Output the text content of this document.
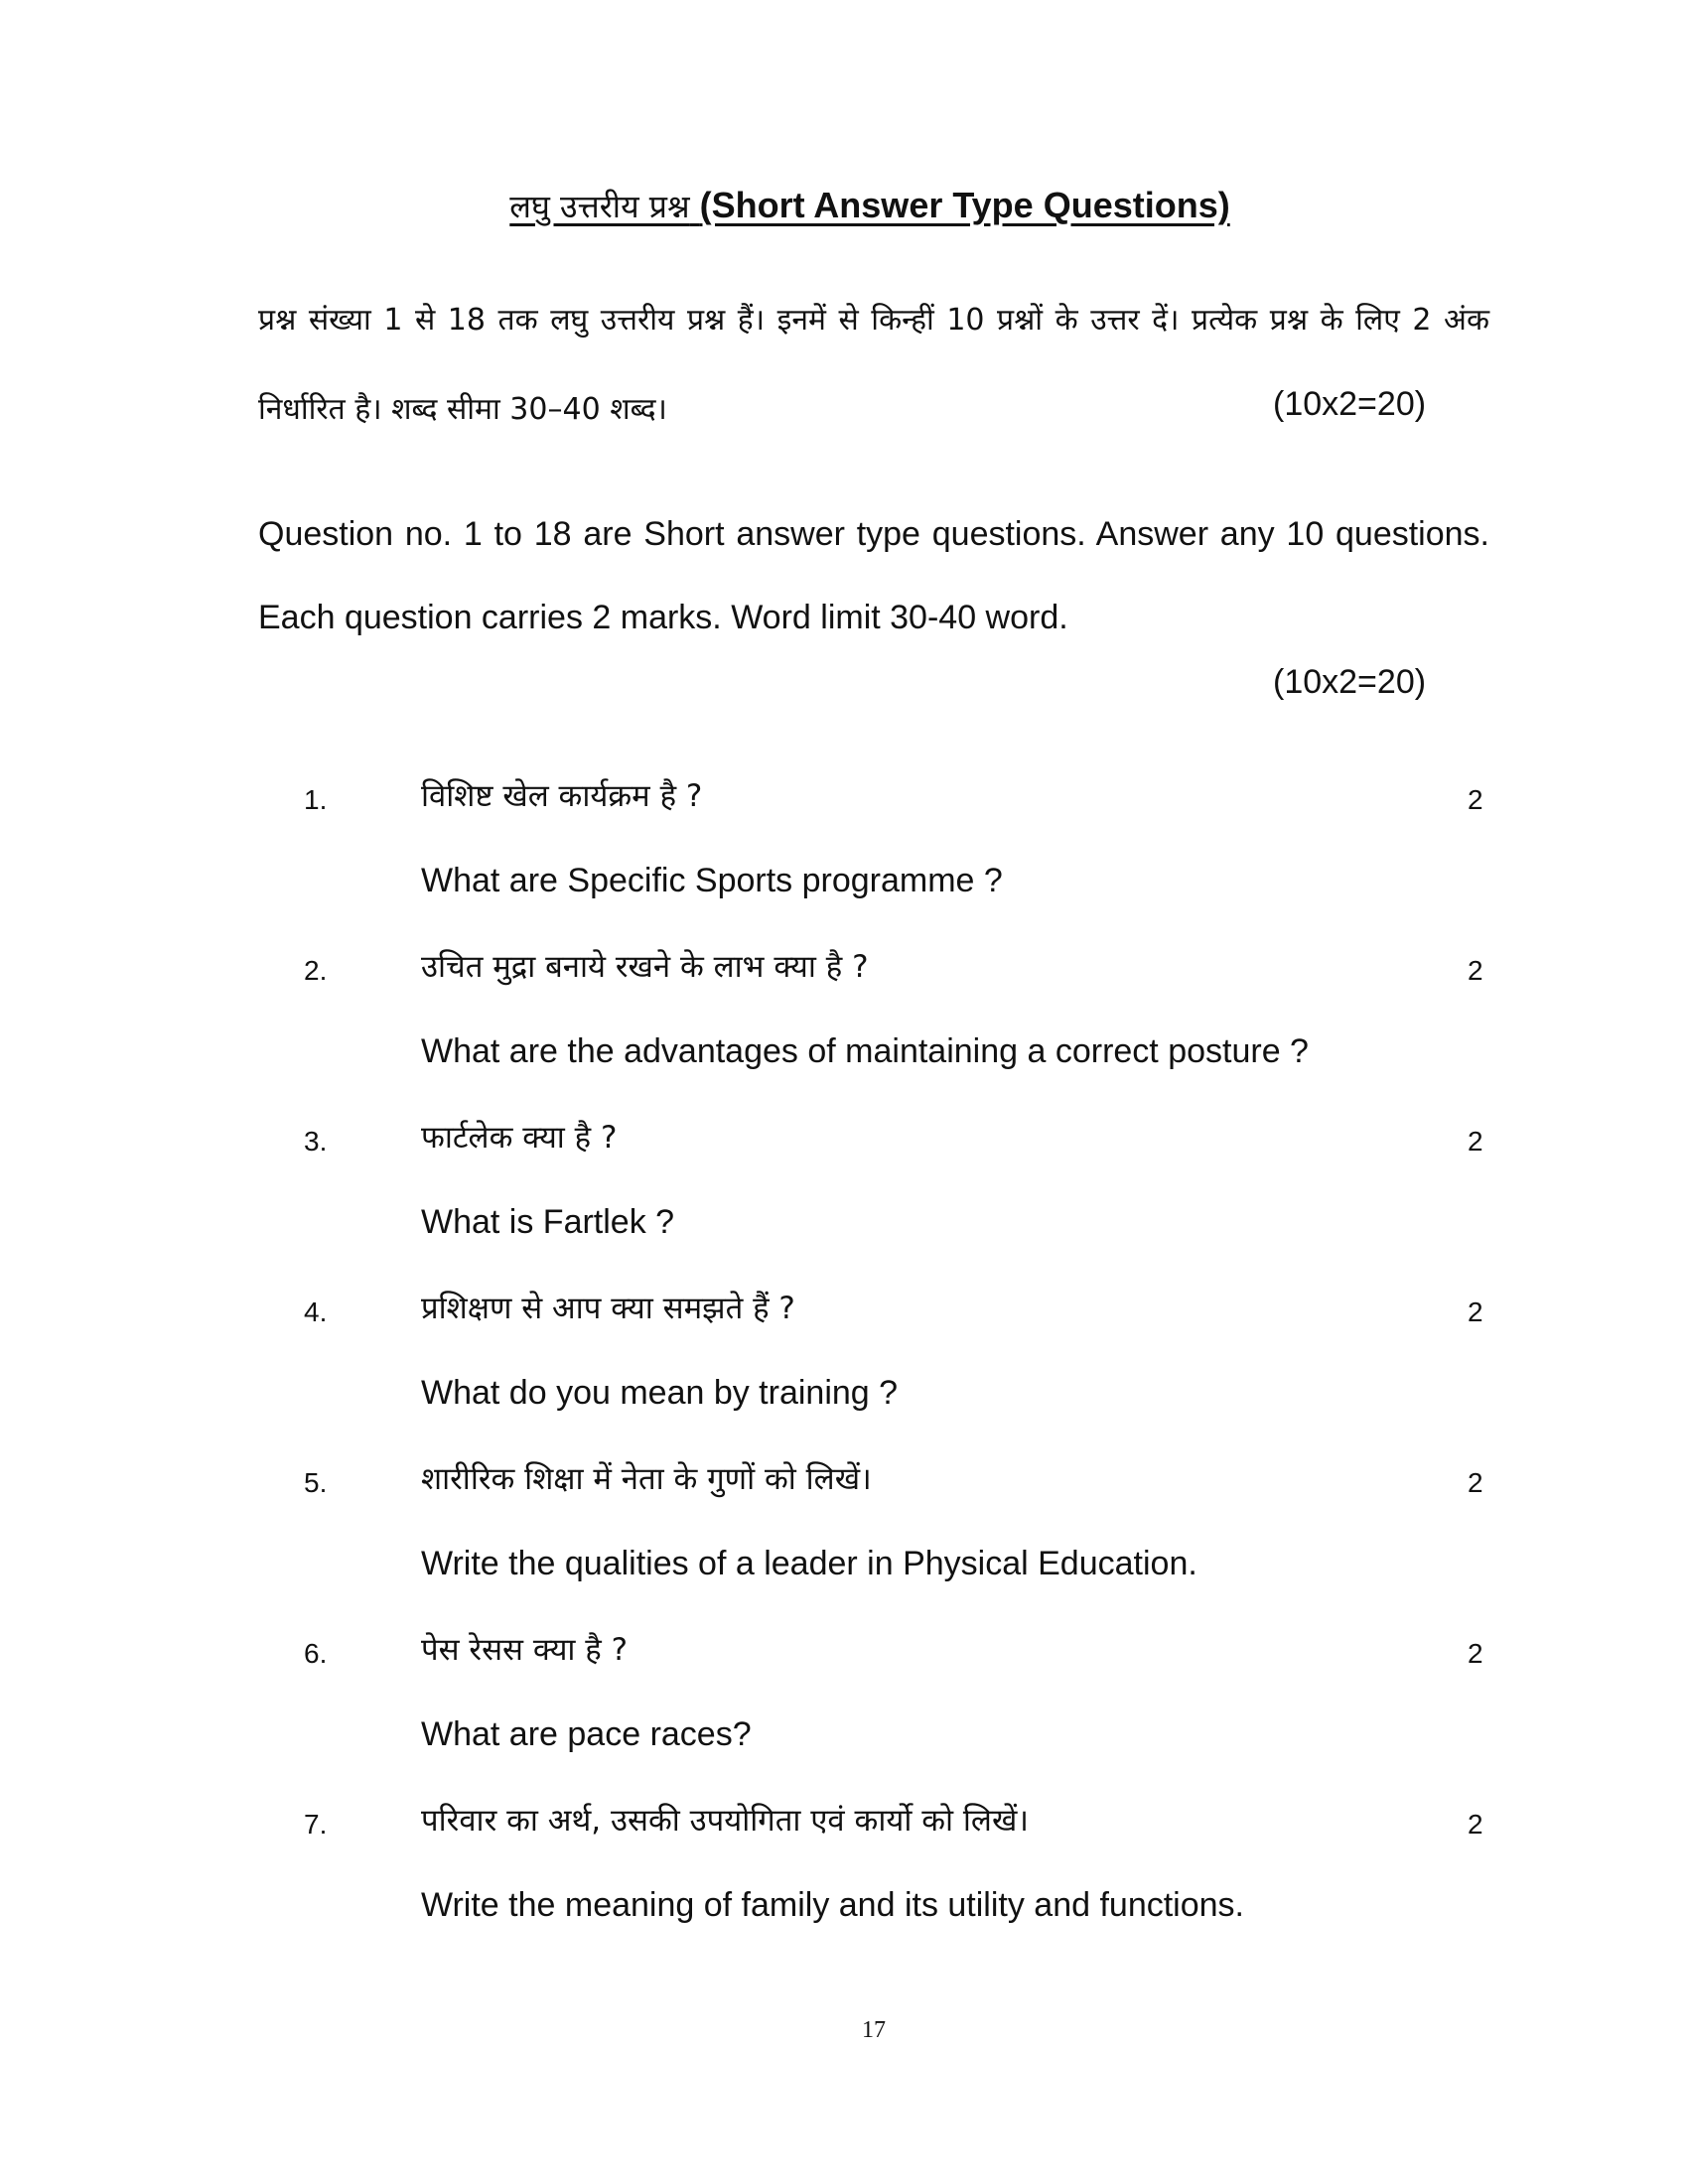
लघु उत्तरीय प्रश्न (Short Answer Type Questions)
प्रश्न संख्या 1 से 18 तक लघु उत्तरीय प्रश्न हैं। इनमें से किन्हीं 10 प्रश्नों के उत्तर दें। प्रत्येक प्रश्न के लिए 2 अंक निर्धारित है। शब्द सीमा 30–40 शब्द।	(10x2=20)
Question no. 1 to 18 are Short answer type questions. Answer any 10 questions. Each question carries 2 marks. Word limit 30-40 word.
(10x2=20)
1.	विशिष्ट खेल कार्यक्रम है ?	2
What are Specific Sports programme ?
2.	उचित मुद्रा बनाये रखने के लाभ क्या है ?	2
What are the advantages of maintaining a correct posture ?
3.	फार्टलेक क्या है ?	2
What is Fartlek ?
4.	प्रशिक्षण से आप क्या समझते हैं ?	2
What do you mean by training ?
5.	शारीरिक शिक्षा में नेता के गुणों को लिखें।	2
Write the qualities of a leader in Physical Education.
6.	पेस रेसस क्या है ?	2
What are pace races?
7.	परिवार का अर्थ, उसकी उपयोगिता एवं कार्यो को लिखें।	2
Write the meaning of family and its utility and functions.
17
